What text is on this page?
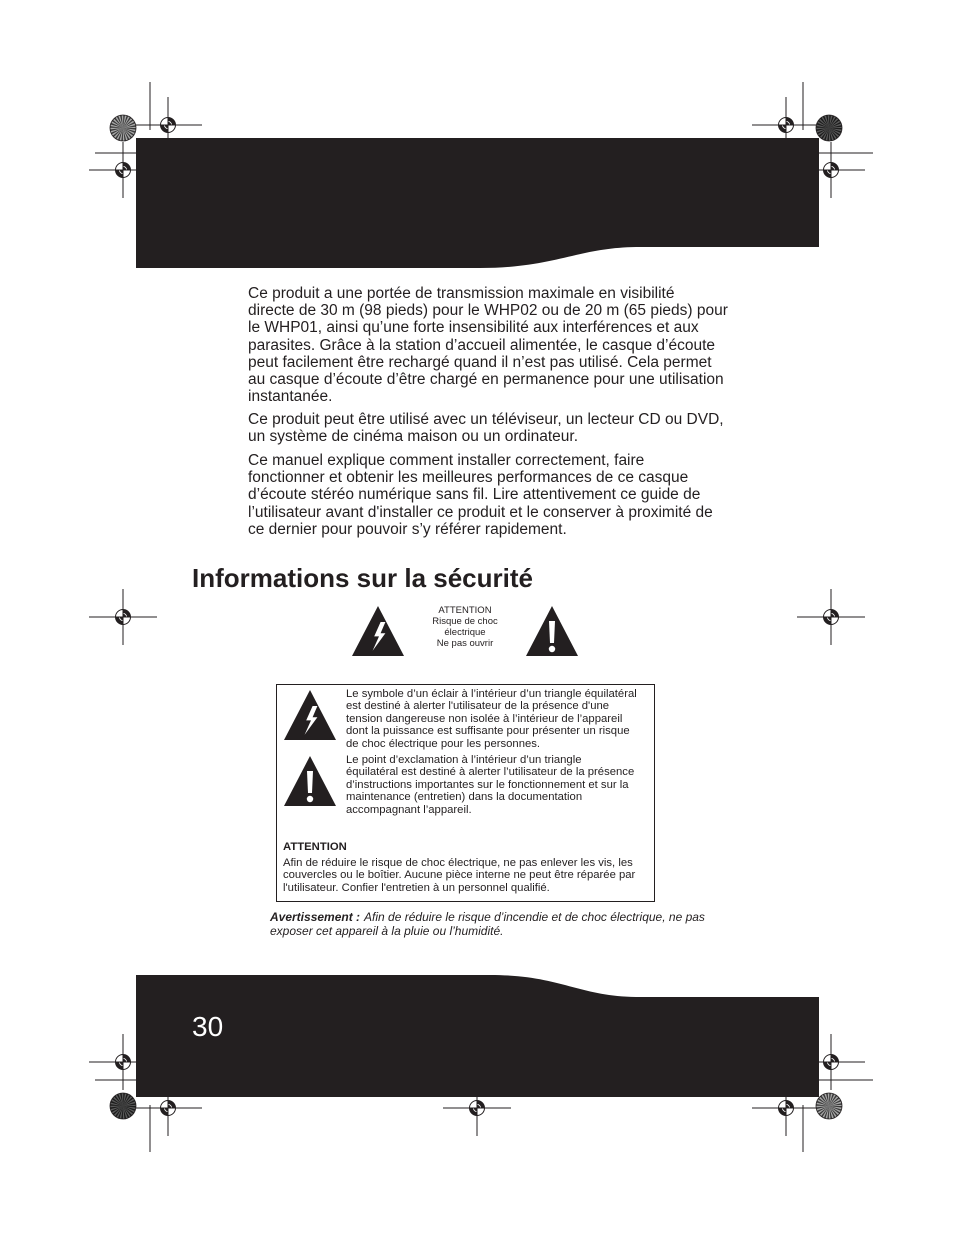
Ce produit a une portée de transmission maximale en visibilité
directe de 30 m (98 pieds) pour le WHP02 ou de 20 m (65 pieds) pour
le WHP01, ainsi qu’une forte insensibilité aux interférences et aux
parasites. Grâce à la station d’accueil alimentée, le casque d’écoute
peut facilement être rechargé quand il n’est pas utilisé. Cela permet
au casque d’écoute d’être chargé en permanence pour une utilisation
instantanée.
Ce produit peut être utilisé avec un téléviseur, un lecteur CD ou DVD,
un système de cinéma maison ou un ordinateur.
Ce manuel explique comment installer correctement, faire
fonctionner et obtenir les meilleures performances de ce casque
d’écoute stéréo numérique sans fil. Lire attentivement ce guide de
l’utilisateur avant d'installer ce produit et le conserver à proximité de
ce dernier pour pouvoir s’y référer rapidement.
Informations sur la sécurité
ATTENTION
Risque de choc
électrique
Ne pas ouvrir
Le symbole d’un éclair à l’intérieur d’un triangle équilatéral
est destiné à alerter l'utilisateur de la présence d'une
tension dangereuse non isolée à l’intérieur de l’appareil
dont la puissance est suffisante pour présenter un risque
de choc électrique pour les personnes.
Le point d’exclamation à l’intérieur d’un triangle
équilatéral est destiné à alerter l’utilisateur de la présence
d’instructions importantes sur le fonctionnement et sur la
maintenance (entretien) dans la documentation
accompagnant l’appareil.
ATTENTION
Afin de réduire le risque de choc électrique, ne pas enlever les vis, les
couvercles ou le boîtier. Aucune pièce interne ne peut être réparée par
l'utilisateur. Confier l'entretien à un personnel qualifié.
Avertissement : Afin de réduire le risque d’incendie et de choc électrique, ne pas
exposer cet appareil à la pluie ou l’humidité.
30
